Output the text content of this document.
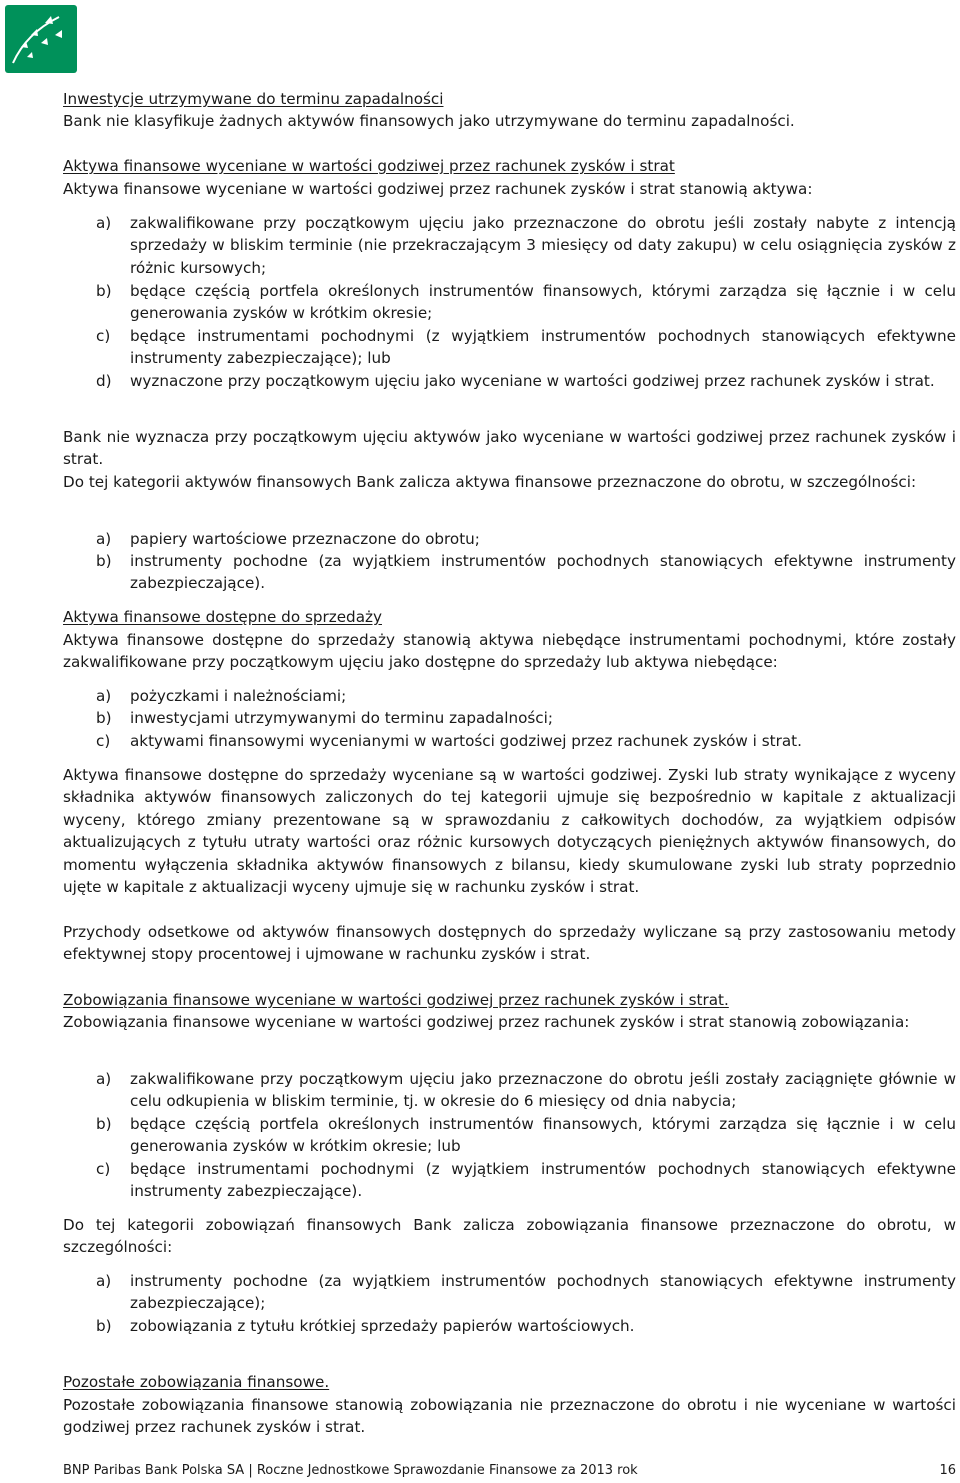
Inwestycje utrzymywane do terminu zapadalności
Bank nie klasyfikuje żadnych aktywów finansowych jako utrzymywane do terminu zapadalności.
Aktywa finansowe wyceniane w wartości godziwej przez rachunek zysków i strat
Aktywa finansowe wyceniane w wartości godziwej przez rachunek zysków i strat stanowią aktywa:
a) zakwalifikowane przy początkowym ujęciu jako przeznaczone do obrotu jeśli zostały nabyte z intencją sprzedaży w bliskim terminie (nie przekraczającym 3 miesięcy od daty zakupu) w celu osiągnięcia zysków z różnic kursowych;
b) będące częścią portfela określonych instrumentów finansowych, którymi zarządza się łącznie i w celu generowania zysków w krótkim okresie;
c) będące instrumentami pochodnymi (z wyjątkiem instrumentów pochodnych stanowiących efektywne instrumenty zabezpieczające); lub
d) wyznaczone przy początkowym ujęciu jako wyceniane w wartości godziwej przez rachunek zysków i strat.
Bank nie wyznacza przy początkowym ujęciu aktywów jako wyceniane w wartości godziwej przez rachunek zysków i strat.
Do tej kategorii aktywów finansowych Bank zalicza aktywa finansowe przeznaczone do obrotu, w szczególności:
a) papiery wartościowe przeznaczone do obrotu;
b) instrumenty pochodne (za wyjątkiem instrumentów pochodnych stanowiących efektywne instrumenty zabezpieczające).
Aktywa finansowe dostępne do sprzedaży
Aktywa finansowe dostępne do sprzedaży stanowią aktywa niebędące instrumentami pochodnymi, które zostały zakwalifikowane przy początkowym ujęciu jako dostępne do sprzedaży lub aktywa niebędące:
a) pożyczkami i należnościami;
b) inwestycjami utrzymywanymi do terminu zapadalności;
c) aktywami finansowymi wycenianymi w wartości godziwej przez rachunek zysków i strat.
Aktywa finansowe dostępne do sprzedaży wyceniane są w wartości godziwej. Zyski lub straty wynikające z wyceny składnika aktywów finansowych zaliczonych do tej kategorii ujmuje się bezpośrednio w kapitale z aktualizacji wyceny, którego zmiany prezentowane są w sprawozdaniu z całkowitych dochodów, za wyjątkiem odpisów aktualizujących z tytułu utraty wartości oraz różnic kursowych dotyczących pieniężnych aktywów finansowych, do momentu wyłączenia składnika aktywów finansowych z bilansu, kiedy skumulowane zyski lub straty poprzednio ujęte w kapitale z aktualizacji wyceny ujmuje się w rachunku zysków i strat.
Przychody odsetkowe od aktywów finansowych dostępnych do sprzedaży wyliczane są przy zastosowaniu metody efektywnej stopy procentowej i ujmowane w rachunku zysków i strat.
Zobowiązania finansowe wyceniane w wartości godziwej przez rachunek zysków i strat.
Zobowiązania finansowe wyceniane w wartości godziwej przez rachunek zysków i strat stanowią zobowiązania:
a) zakwalifikowane przy początkowym ujęciu jako przeznaczone do obrotu jeśli zostały zaciągnięte głównie w celu odkupienia w bliskim terminie, tj. w okresie do 6 miesięcy od dnia nabycia;
b) będące częścią portfela określonych instrumentów finansowych, którymi zarządza się łącznie i w celu generowania zysków w krótkim okresie; lub
c) będące instrumentami pochodnymi (z wyjątkiem instrumentów pochodnych stanowiących efektywne instrumenty zabezpieczające).
Do tej kategorii zobowiązań finansowych Bank zalicza zobowiązania finansowe przeznaczone do obrotu, w szczególności:
a) instrumenty pochodne (za wyjątkiem instrumentów pochodnych stanowiących efektywne instrumenty zabezpieczające);
b) zobowiązania z tytułu krótkiej sprzedaży papierów wartościowych.
Pozostałe zobowiązania finansowe.
Pozostałe zobowiązania finansowe stanowią zobowiązania nie przeznaczone do obrotu i nie wyceniane w wartości godziwej przez rachunek zysków i strat.
BNP Paribas Bank Polska SA | Roczne Jednostkowe Sprawozdanie Finansowe za 2013 rok	16
